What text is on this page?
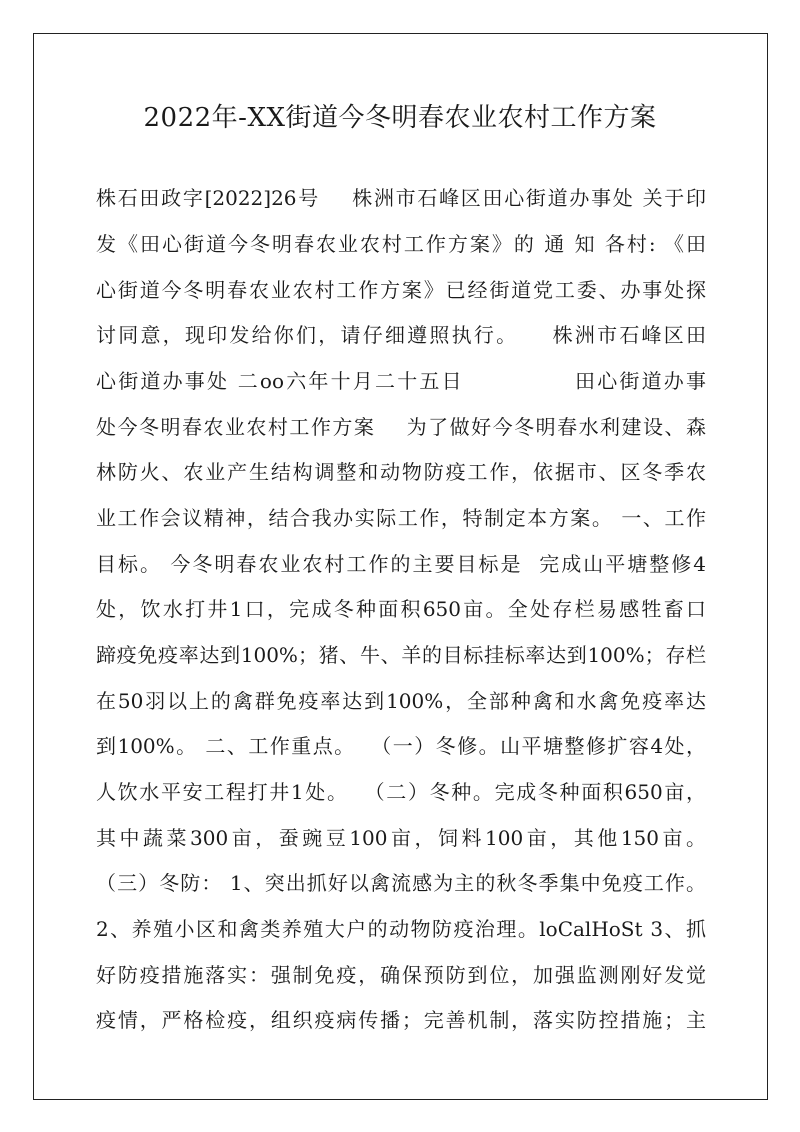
2022年-XX街道今冬明春农业农村工作方案
株石田政字[2022]26号    株洲市石峰区田心街道办事处 关于印
发《田心街道今冬明春农业农村工作方案》的 通 知 各村: 《田
心街道今冬明春农业农村工作方案》已经街道党工委、办事处探
讨同意，现印发给你们，请仔细遵照执行。    株洲市石峰区田
心街道办事处 二oo六年十月二十五日             田心街道办事
处今冬明春农业农村工作方案    为了做好今冬明春水利建设、森
林防火、农业产生结构调整和动物防疫工作，依据市、区冬季农
业工作会议精神，结合我办实际工作，特制定本方案。 一、工作
目标。 今冬明春农业农村工作的主要目标是  完成山平塘整修4
处，饮水打井1口，完成冬种面积650亩。全处存栏易感牲畜口
蹄疫免疫率达到100%；猪、牛、羊的目标挂标率达到100%；存栏
在50羽以上的禽群免疫率达到100%，全部种禽和水禽免疫率达
到100%。 二、工作重点。  （一）冬修。山平塘整修扩容4处，
人饮水平安工程打井1处。  （二）冬种。完成冬种面积650亩，
其中蔬菜300亩，蚕豌豆100亩，饲料100亩，其他150亩。
（三）冬防： 1、突出抓好以禽流感为主的秋冬季集中免疫工作。
2、养殖小区和禽类养殖大户的动物防疫治理。loCalHoSt 3、抓
好防疫措施落实：强制免疫，确保预防到位，加强监测刚好发觉
疫情，严格检疫，组织疫病传播；完善机制，落实防控措施；主
